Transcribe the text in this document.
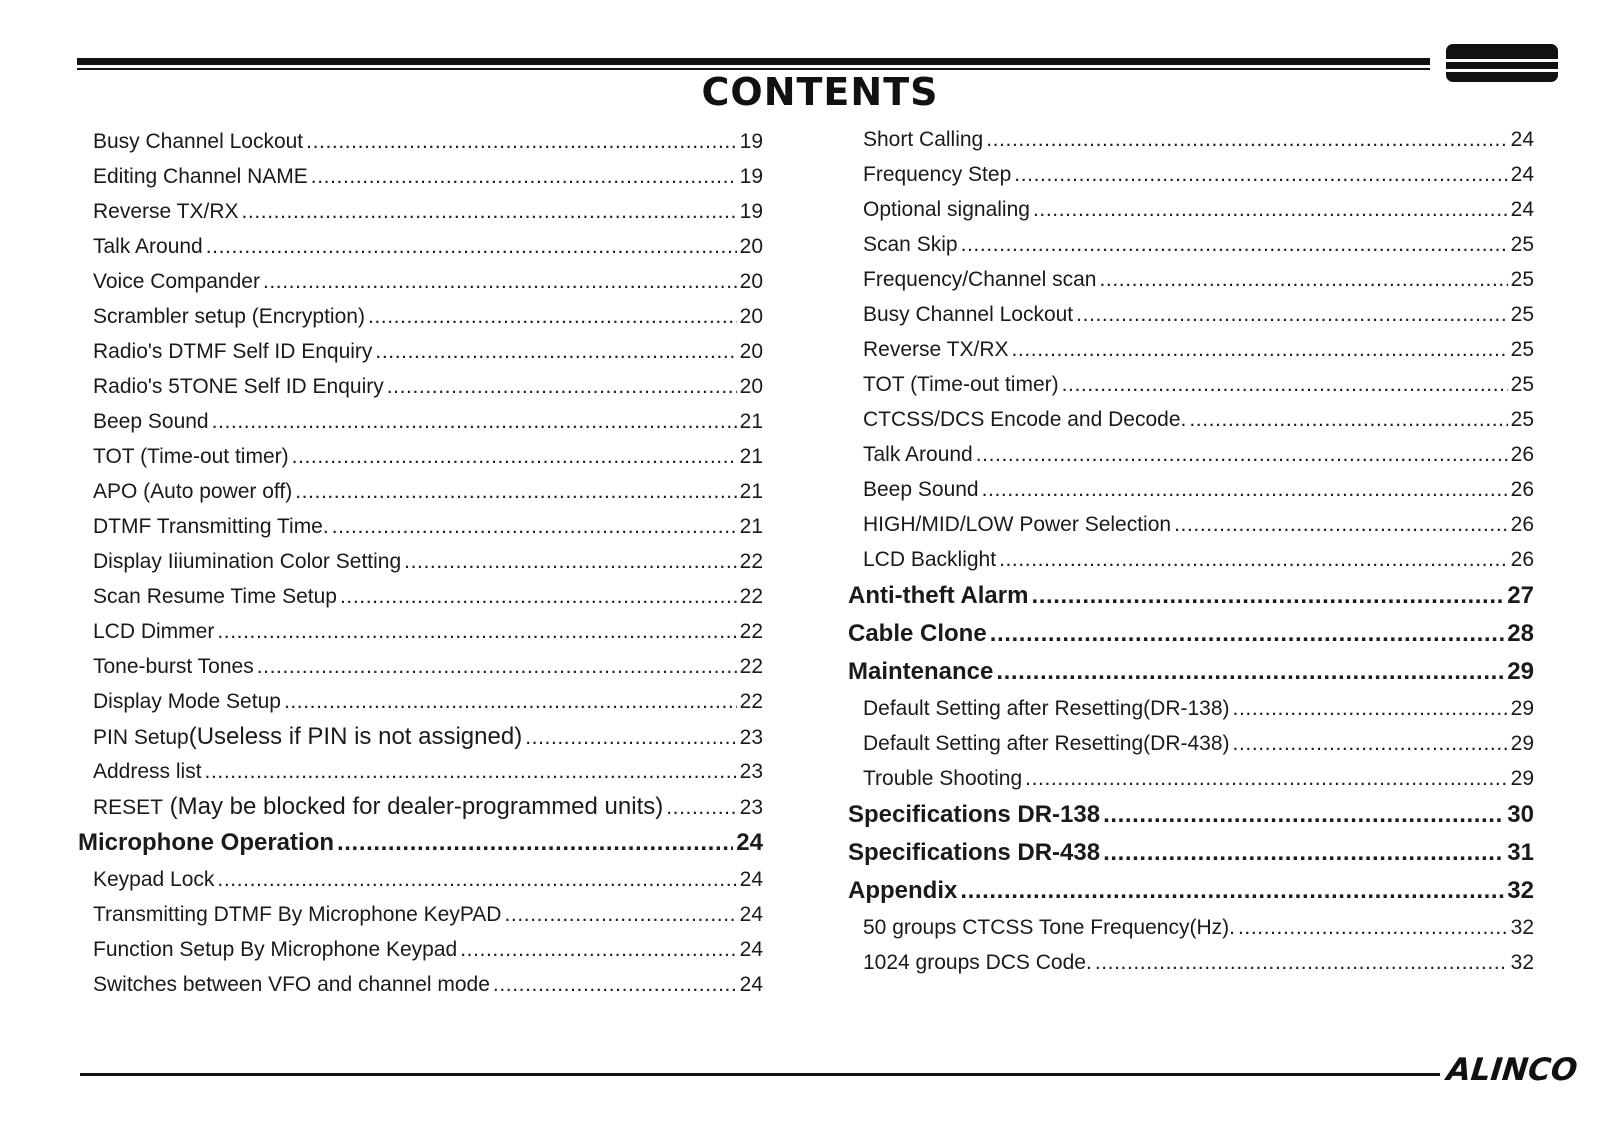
CONTENTS
Busy Channel Lockout .....	19
Editing Channel NAME .....	19
Reverse TX/RX .....	19
Talk Around .....	20
Voice Compander .....	20
Scrambler setup (Encryption) .....	20
Radio's DTMF Self ID Enquiry .....	20
Radio's 5TONE Self ID Enquiry .....	20
Beep Sound .....	21
TOT (Time-out timer) .....	21
APO (Auto power off) .....	21
DTMF Transmitting Time. .....	21
Display Iiiumination Color Setting .....	22
Scan Resume Time Setup .....	22
LCD Dimmer .....	22
Tone-burst Tones .....	22
Display Mode Setup .....	22
PIN Setup(Useless if PIN is not assigned) .....	23
Address list .....	23
RESET (May be blocked for dealer-programmed units) .....	23
Microphone Operation .....	24
Keypad Lock .....	24
Transmitting DTMF By Microphone KeyPAD .....	24
Function Setup By Microphone Keypad .....	24
Switches between VFO and channel mode .....	24
Short Calling .....	24
Frequency Step .....	24
Optional signaling .....	24
Scan Skip .....	25
Frequency/Channel scan .....	25
Busy Channel Lockout .....	25
Reverse TX/RX .....	25
TOT (Time-out timer) .....	25
CTCSS/DCS Encode and Decode. .....	25
Talk Around .....	26
Beep Sound .....	26
HIGH/MID/LOW Power Selection .....	26
LCD Backlight .....	26
Anti-theft Alarm .....	27
Cable Clone .....	28
Maintenance .....	29
Default Setting after Resetting(DR-138) .....	29
Default Setting after Resetting(DR-438) .....	29
Trouble Shooting .....	29
Specifications DR-138 .....	30
Specifications DR-438 .....	31
Appendix .....	32
50 groups CTCSS Tone Frequency(Hz). .....	32
1024 groups DCS Code. .....	32
ALINCO
